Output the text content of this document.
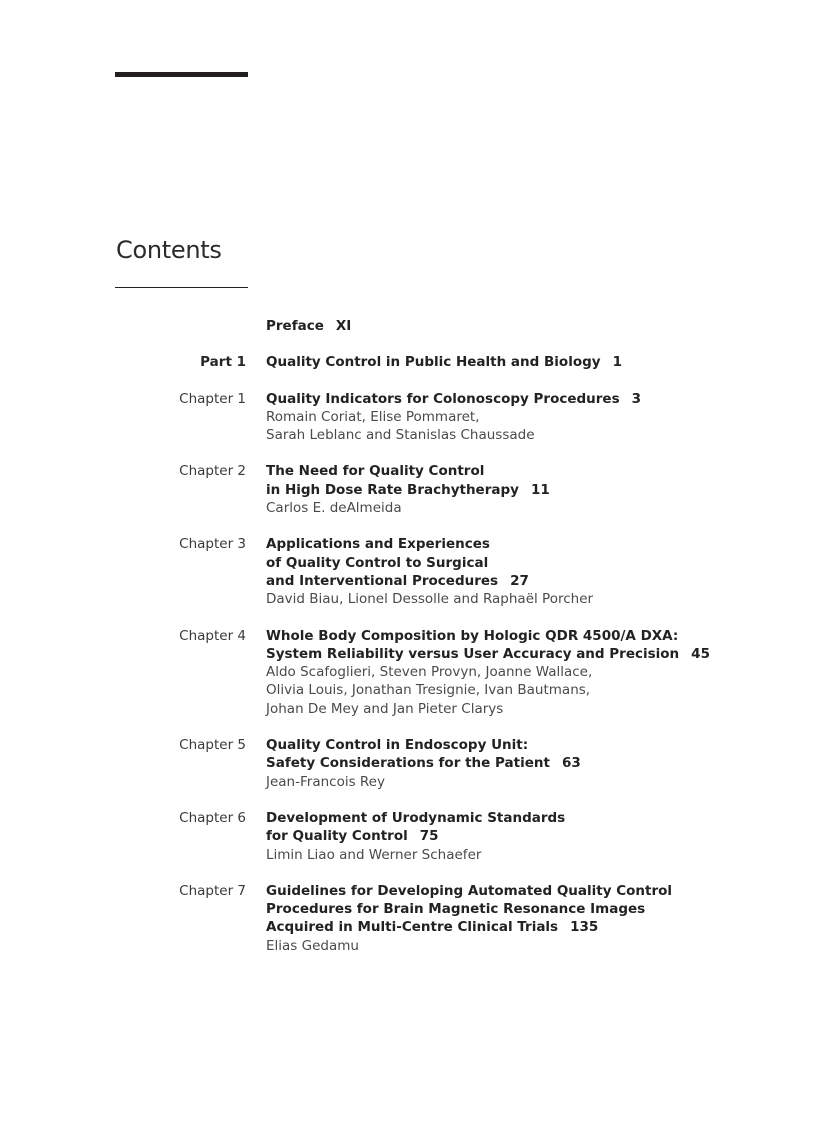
Contents
Preface XI
Part 1 Quality Control in Public Health and Biology 1
Chapter 1 Quality Indicators for Colonoscopy Procedures 3
Romain Coriat, Elise Pommaret,
Sarah Leblanc and Stanislas Chaussade
Chapter 2 The Need for Quality Control
in High Dose Rate Brachytherapy 11
Carlos E. deAlmeida
Chapter 3 Applications and Experiences
of Quality Control to Surgical
and Interventional Procedures 27
David Biau, Lionel Dessolle and Raphaël Porcher
Chapter 4 Whole Body Composition by Hologic QDR 4500/A DXA:
System Reliability versus User Accuracy and Precision 45
Aldo Scafoglieri, Steven Provyn, Joanne Wallace,
Olivia Louis, Jonathan Tresignie, Ivan Bautmans,
Johan De Mey and Jan Pieter Clarys
Chapter 5 Quality Control in Endoscopy Unit:
Safety Considerations for the Patient 63
Jean-Francois Rey
Chapter 6 Development of Urodynamic Standards
for Quality Control 75
Limin Liao and Werner Schaefer
Chapter 7 Guidelines for Developing Automated Quality Control
Procedures for Brain Magnetic Resonance Images
Acquired in Multi-Centre Clinical Trials 135
Elias Gedamu
